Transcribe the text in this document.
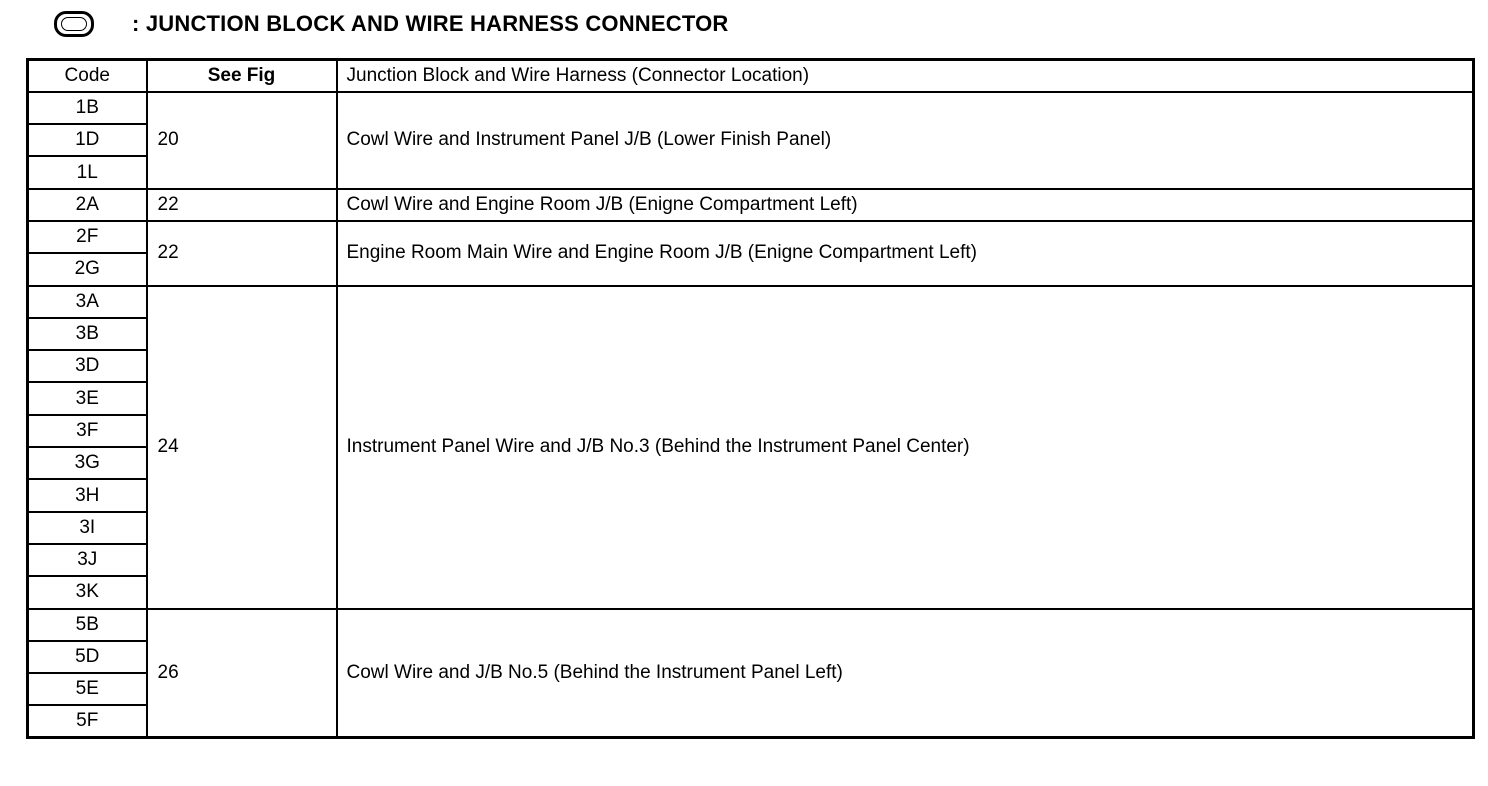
: JUNCTION BLOCK AND WIRE HARNESS CONNECTOR
Code	See Fig	Junction Block and Wire Harness (Connector Location)
1B	20	Cowl Wire and Instrument Panel J/B (Lower Finish Panel)
1D		
1L		
2A	22	Cowl Wire and Engine Room J/B (Enigne Compartment Left)
2F	22	Engine Room Main Wire and Engine Room J/B (Enigne Compartment Left)
2G		
3A	24	Instrument Panel Wire and J/B No.3 (Behind the Instrument Panel Center)
3B		
3D		
3E		
3F		
3G		
3H		
3I		
3J		
3K		
5B	26	Cowl Wire and J/B No.5 (Behind the Instrument Panel Left)
5D		
5E		
5F		
